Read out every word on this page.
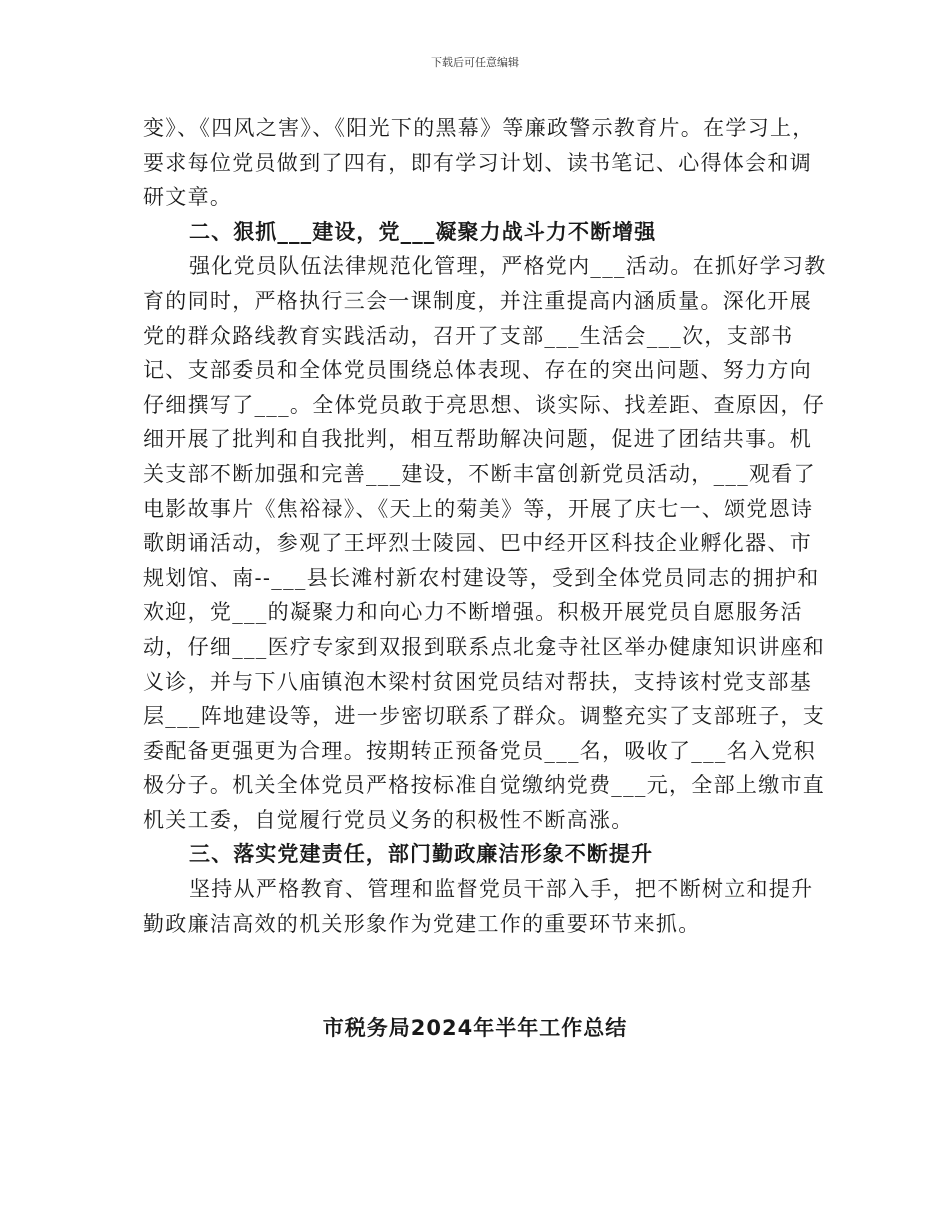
下载后可任意编辑

变》、《四风之害》、《阳光下的黑幕》等廉政警示教育片。在学习上，要求每位党员做到了四有，即有学习计划、读书笔记、心得体会和调研文章。

二、狠抓___建设，党___凝聚力战斗力不断增强

强化党员队伍法律规范化管理，严格党内___活动。在抓好学习教育的同时，严格执行三会一课制度，并注重提高内涵质量。深化开展党的群众路线教育实践活动，召开了支部___生活会___次，支部书记、支部委员和全体党员围绕总体表现、存在的突出问题、努力方向仔细撰写了___。全体党员敢于亮思想、谈实际、找差距、查原因，仔细开展了批判和自我批判，相互帮助解决问题，促进了团结共事。机关支部不断加强和完善___建设，不断丰富创新党员活动，___观看了电影故事片《焦裕禄》、《天上的菊美》等，开展了庆七一、颂党恩诗歌朗诵活动，参观了王坪烈士陵园、巴中经开区科技企业孵化器、市规划馆、南--___县长滩村新农村建设等，受到全体党员同志的拥护和欢迎，党___的凝聚力和向心力不断增强。积极开展党员自愿服务活动，仔细___医疗专家到双报到联系点北龛寺社区举办健康知识讲座和义诊，并与下八庙镇泡木梁村贫困党员结对帮扶，支持该村党支部基层___阵地建设等，进一步密切联系了群众。调整充实了支部班子，支委配备更强更为合理。按期转正预备党员___名，吸收了___名入党积极分子。机关全体党员严格按标准自觉缴纳党费___元，全部上缴市直机关工委，自觉履行党员义务的积极性不断高涨。

三、落实党建责任，部门勤政廉洁形象不断提升

坚持从严格教育、管理和监督党员干部入手，把不断树立和提升勤政廉洁高效的机关形象作为党建工作的重要环节来抓。

市税务局2024年半年工作总结
